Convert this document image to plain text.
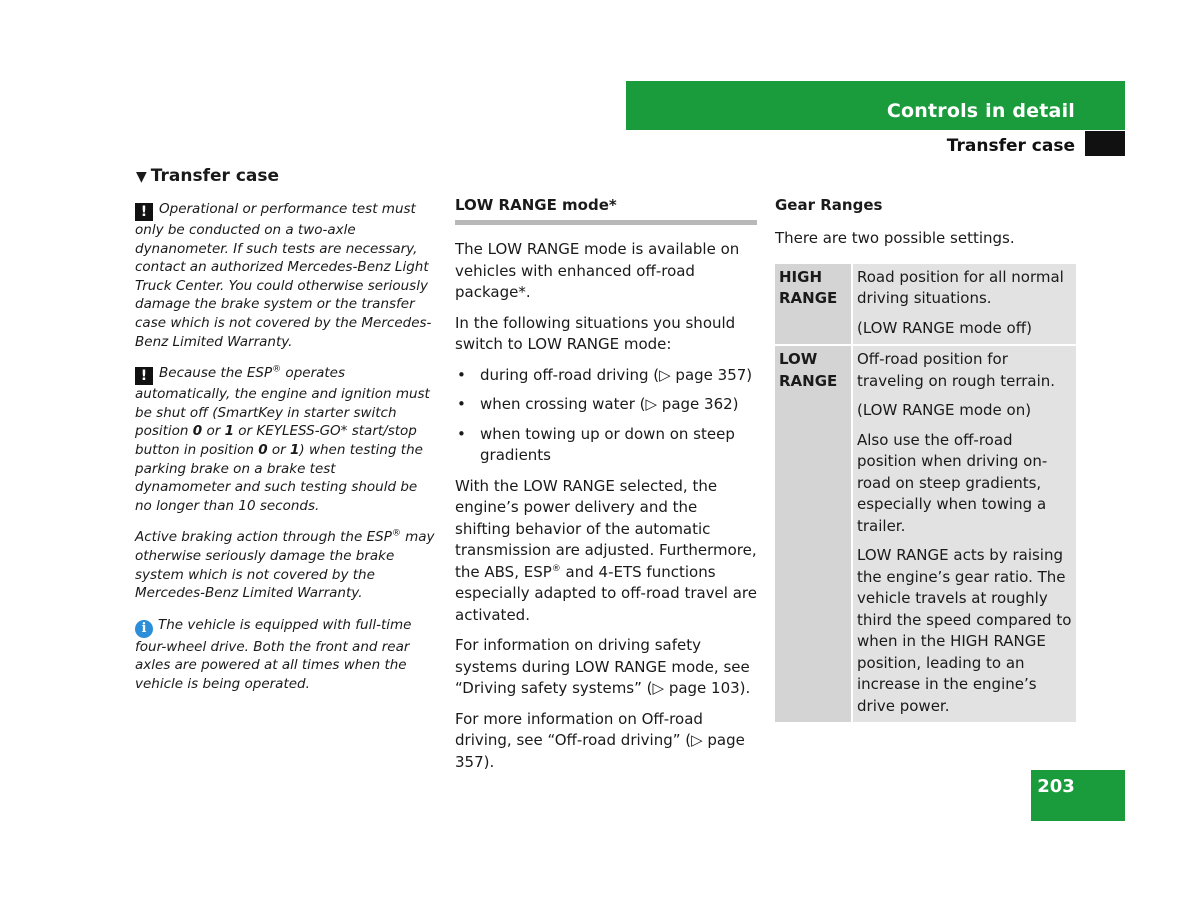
Controls in detail
Transfer case
▼ Transfer case
! Operational or performance test must only be conducted on a two-axle dynanometer. If such tests are necessary, contact an authorized Mercedes-Benz Light Truck Center. You could otherwise seriously damage the brake system or the transfer case which is not covered by the Mercedes-Benz Limited Warranty.
! Because the ESP® operates automatically, the engine and ignition must be shut off (SmartKey in starter switch position 0 or 1 or KEYLESS-GO* start/stop button in position 0 or 1) when testing the parking brake on a brake test dynamometer and such testing should be no longer than 10 seconds.
Active braking action through the ESP® may otherwise seriously damage the brake system which is not covered by the Mercedes-Benz Limited Warranty.
i The vehicle is equipped with full-time four-wheel drive. Both the front and rear axles are powered at all times when the vehicle is being operated.
LOW RANGE mode*

The LOW RANGE mode is available on vehicles with enhanced off-road package*.

In the following situations you should switch to LOW RANGE mode:

• during off-road driving (▷ page 357)
• when crossing water (▷ page 362)
• when towing up or down on steep gradients

With the LOW RANGE selected, the engine’s power delivery and the shifting behavior of the automatic transmission are adjusted. Furthermore, the ABS, ESP® and 4-ETS functions especially adapted to off-road travel are activated.

For information on driving safety systems during LOW RANGE mode, see “Driving safety systems” (▷ page 103).

For more information on Off-road driving, see “Off-road driving” (▷ page 357).

Gear Ranges

There are two possible settings.

HIGH RANGE	Road position for all normal driving situations.

(LOW RANGE mode off)

LOW RANGE	Off-road position for traveling on rough terrain.

(LOW RANGE mode on)

Also use the off-road position when driving on-road on steep gradients, especially when towing a trailer.

LOW RANGE acts by raising the engine’s gear ratio. The vehicle travels at roughly third the speed compared to when in the HIGH RANGE position, leading to an increase in the engine’s drive power.

203
